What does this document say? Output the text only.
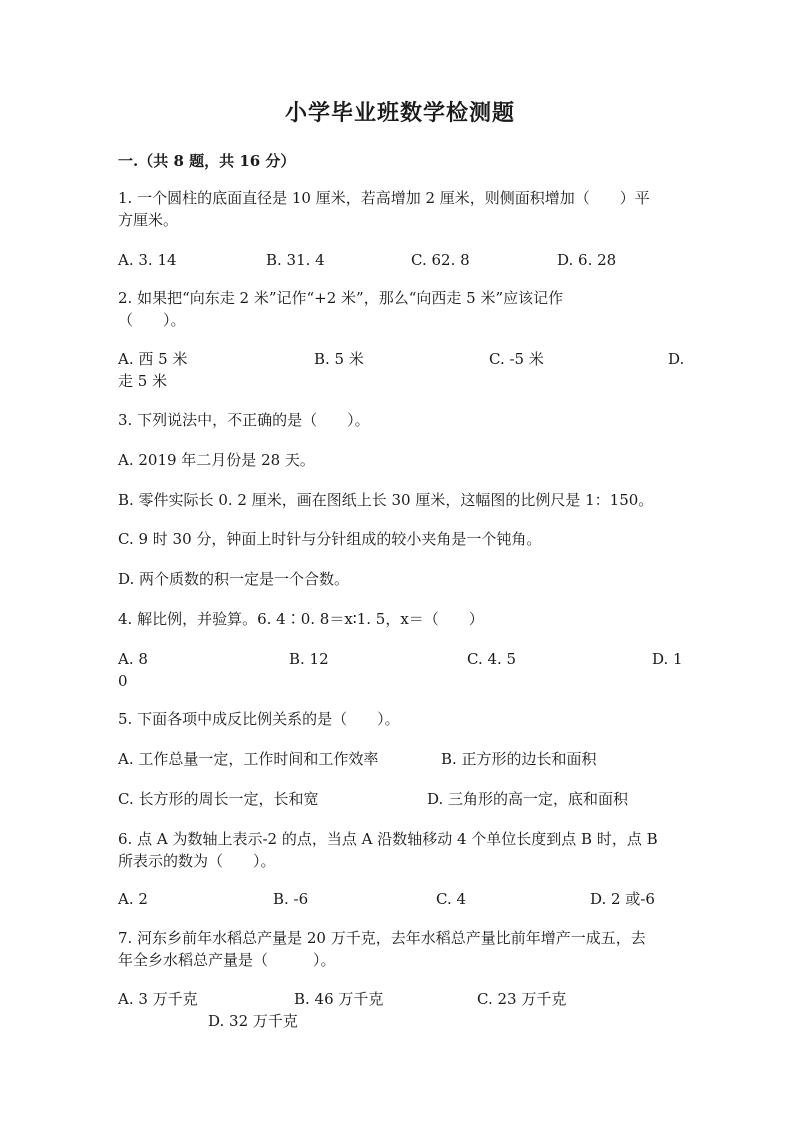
小学毕业班数学检测题
一.（共 8 题，共 16 分）
1. 一个圆柱的底面直径是 10 厘米，若高增加 2 厘米，则侧面积增加（　　）平
方厘米。
A. 3. 14	B. 31. 4	C. 62. 8	D. 6. 28
2. 如果把“向东走 2 米”记作“+2 米”，那么“向西走 5 米”应该记作
（　　）。
A. 西 5 米	B. 5 米	C. -5 米	D.
走 5 米
3. 下列说法中，不正确的是（　　）。
A. 2019 年二月份是 28 天。
B. 零件实际长 0. 2 厘米，画在图纸上长 30 厘米，这幅图的比例尺是 1：150。
C. 9 时 30 分，钟面上时针与分针组成的较小夹角是一个钝角。
D. 两个质数的积一定是一个合数。
4. 解比例，并验算。6. 4∶0. 8＝x∶1. 5，x＝（　　）
A. 8	B. 12	C. 4. 5	D. 1
0
5. 下面各项中成反比例关系的是（　　）。
A. 工作总量一定，工作时间和工作效率	B. 正方形的边长和面积
C. 长方形的周长一定，长和宽	D. 三角形的高一定，底和面积
6. 点 A 为数轴上表示-2 的点，当点 A 沿数轴移动 4 个单位长度到点 B 时，点 B
所表示的数为（　　）。
A. 2	B. -6	C. 4	D. 2 或-6
7. 河东乡前年水稻总产量是 20 万千克，去年水稻总产量比前年增产一成五，去
年全乡水稻总产量是（　　　）。
A. 3 万千克	B. 46 万千克	C. 23 万千克
D. 32 万千克
